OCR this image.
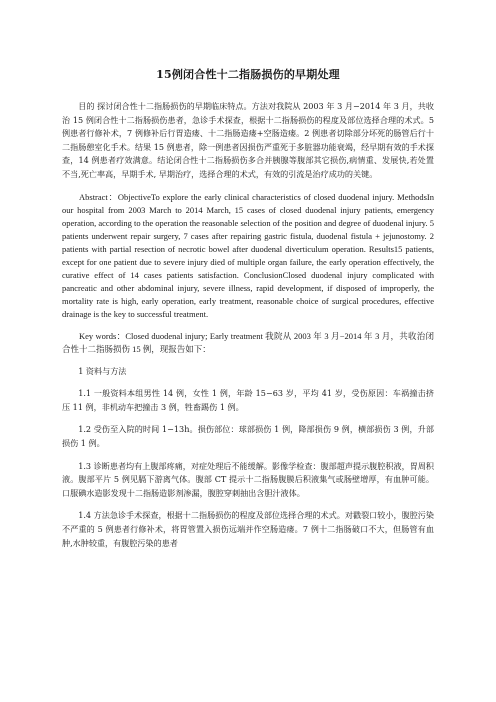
15例闭合性十二指肠损伤的早期处理

目的 探讨闭合性十二指肠损伤的早期临床特点。方法对我院从 2003 年 3 月−2014 年 3 月，共收治 15 例闭合性十二指肠损伤患者，急诊手术探查，根据十二指肠损伤的程度及部位选择合理的术式。5 例患者行修补术，7 例修补后行胃造瘘、十二指肠造瘘+空肠造瘘。2 例患者切除部分坏死的肠管后行十二指肠憩室化手术。结果 15 例患者，除一例患者因损伤严重死于多脏器功能衰竭，经早期有效的手术探查，14 例患者疗效满意。结论闭合性十二指肠损伤多合并胰腺等腹部其它损伤,病情重、发展快,若处置不当,死亡率高，早期手术, 早期治疗，选择合理的术式，有效的引流是治疗成功的关键。

Abstract：ObjectiveTo explore the early clinical characteristics of closed duodenal injury. MethodsIn our hospital from 2003 March to 2014 March, 15 cases of closed duodenal injury patients, emergency operation, according to the operation the reasonable selection of the position and degree of duodenal injury. 5 patients underwent repair surgery, 7 cases after repairing gastric fistula, duodenal fistula + jejunostomy. 2 patients with partial resection of necrotic bowel after duodenal diverticulum operation. Results15 patients, except for one patient due to severe injury died of multiple organ failure, the early operation effectively, the curative effect of 14 cases patients satisfaction. ConclusionClosed duodenal injury complicated with pancreatic and other abdominal injury, severe illness, rapid development, if disposed of improperly, the mortality rate is high, early operation, early treatment, reasonable choice of surgical procedures, effective drainage is the key to successful treatment.

Key words：Closed duodenal injury; Early treatment 我院从 2003 年 3 月−2014 年 3 月，共收治闭合性十二指肠损伤 15 例，现报告如下：

1 资料与方法

1.1 一般资料本组男性 14 例，女性 1 例，年龄 15−63 岁，平均 41 岁，受伤原因：车祸撞击挤压 11 例，非机动车把撞击 3 例，牲畜踢伤 1 例。

1.2 受伤至入院的时间 1−13h。损伤部位：球部损伤 1 例，降部损伤 9 例，横部损伤 3 例，升部损伤 1 例。

1.3 诊断患者均有上腹部疼痛，对症处理后不能缓解。影像学检查：腹部超声提示腹腔积液，胃周积液。腹部平片 5 例见膈下游离气体。腹部 CT 提示十二指肠腹膜后积液集气或肠壁增厚，有血肿可能。口服碘水造影发现十二指肠造影剂渗漏，腹腔穿刺抽出含胆汁液体。

1.4 方法急诊手术探查，根据十二指肠损伤的程度及部位选择合理的术式。对戳裂口较小，腹腔污染不严重的 5 例患者行修补术，将胃管置入损伤远端并作空肠造瘘。7 例十二指肠破口不大，但肠管有血肿,水肿较重，有腹腔污染的患者
